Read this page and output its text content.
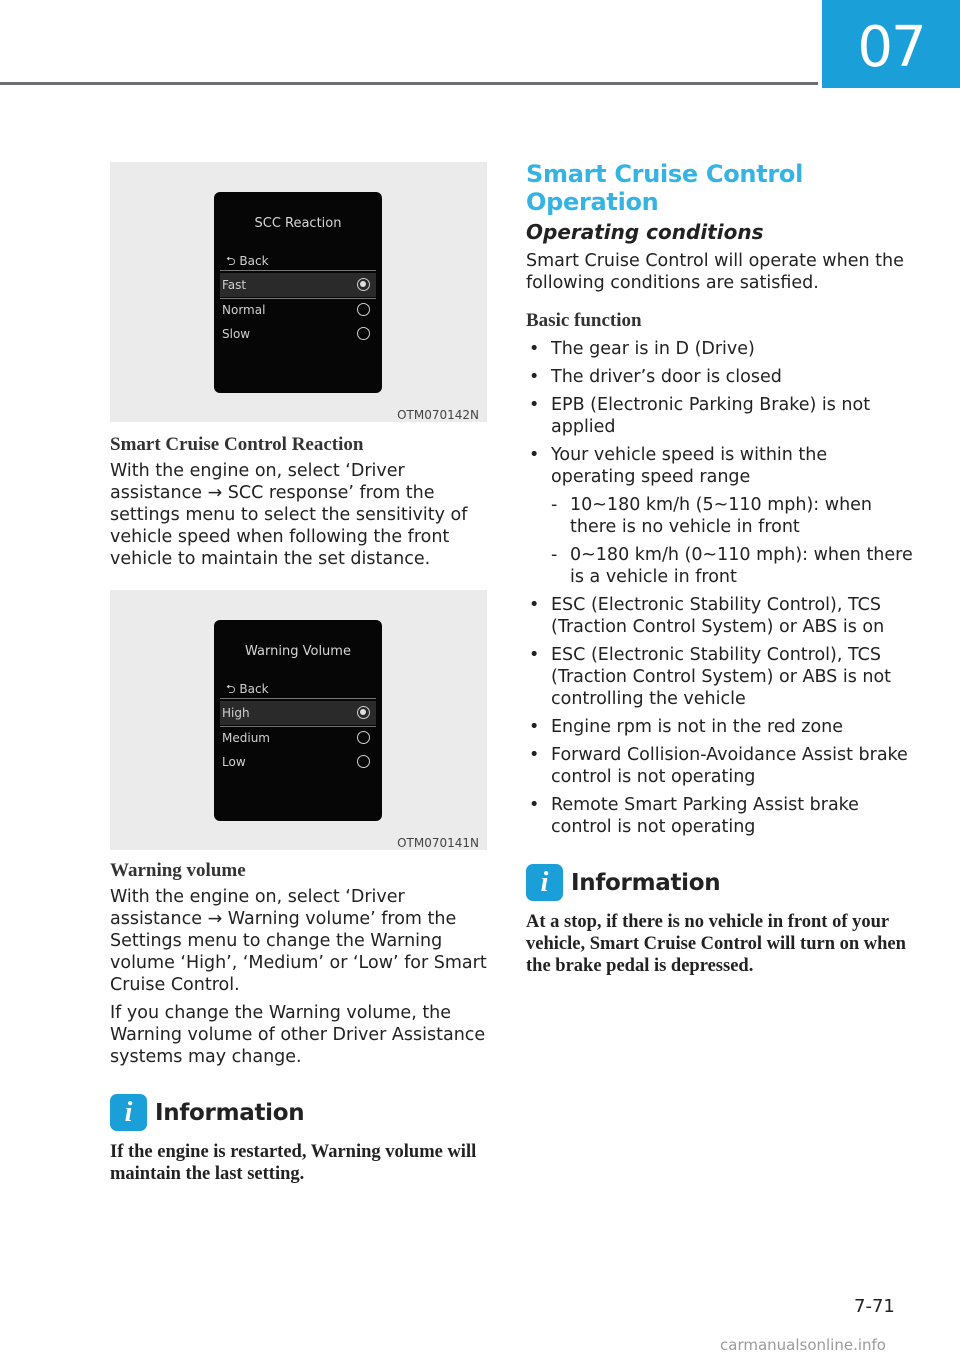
07
SCC Reaction
⮌ Back
Fast
Normal
Slow
OTM070142N
Smart Cruise Control Reaction

With the engine on, select ‘Driver assistance → SCC response’ from the settings menu to select the sensitivity of vehicle speed when following the front vehicle to maintain the set distance.

Warning Volume
⮌ Back
High
Medium
Low
OTM070141N
Warning volume

With the engine on, select ‘Driver assistance → Warning volume’ from the Settings menu to change the Warning volume ‘High’, ‘Medium’ or ‘Low’ for Smart Cruise Control.

If you change the Warning volume, the Warning volume of other Driver Assistance systems may change.

i Information
If the engine is restarted, Warning volume will maintain the last setting.
Smart Cruise Control Operation
Operating conditions

Smart Cruise Control will operate when the following conditions are satisfied.

Basic function
• The gear is in D (Drive)
• The driver’s door is closed
• EPB (Electronic Parking Brake) is not applied
• Your vehicle speed is within the operating speed range
- 10~180 km/h (5~110 mph): when there is no vehicle in front
- 0~180 km/h (0~110 mph): when there is a vehicle in front
• ESC (Electronic Stability Control), TCS (Traction Control System) or ABS is on
• ESC (Electronic Stability Control), TCS (Traction Control System) or ABS is not controlling the vehicle
• Engine rpm is not in the red zone
• Forward Collision-Avoidance Assist brake control is not operating
• Remote Smart Parking Assist brake control is not operating
i Information
At a stop, if there is no vehicle in front of your vehicle, Smart Cruise Control will turn on when the brake pedal is depressed.
7-71
carmanualsonline.info
